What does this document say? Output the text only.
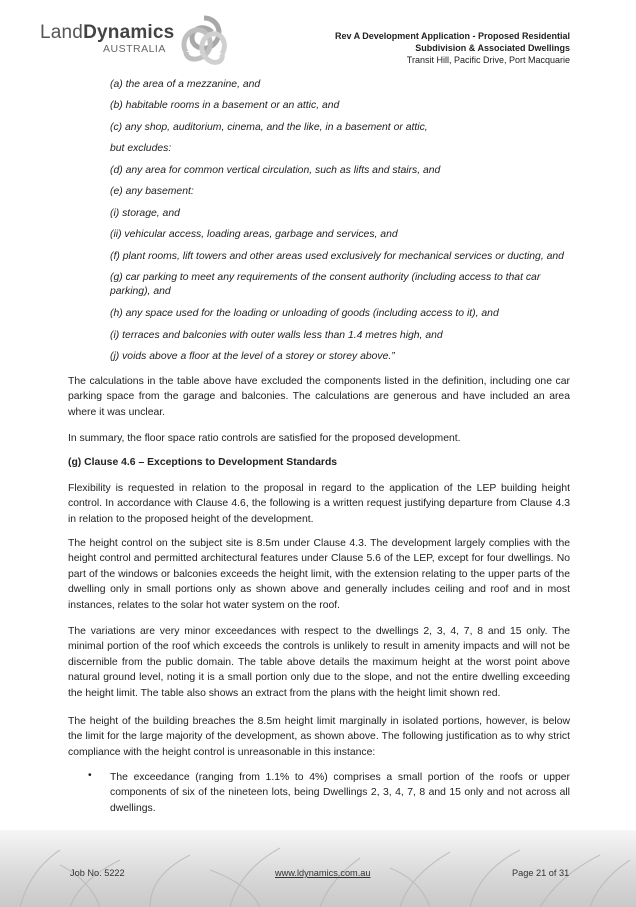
LandDynamics
AUSTRALIA
Rev A Development Application - Proposed Residential
Subdivision & Associated Dwellings
Transit Hill, Pacific Drive, Port Macquarie
(a) the area of a mezzanine, and
(b) habitable rooms in a basement or an attic, and
(c) any shop, auditorium, cinema, and the like, in a basement or attic,
but excludes:
(d) any area for common vertical circulation, such as lifts and stairs, and
(e) any basement:
(i) storage, and
(ii) vehicular access, loading areas, garbage and services, and
(f) plant rooms, lift towers and other areas used exclusively for mechanical services or ducting, and
(g) car parking to meet any requirements of the consent authority (including access to that car parking), and
(h) any space used for the loading or unloading of goods (including access to it), and
(i) terraces and balconies with outer walls less than 1.4 metres high, and
(j) voids above a floor at the level of a storey or storey above.”
The calculations in the table above have excluded the components listed in the definition, including one car parking space from the garage and balconies. The calculations are generous and have included an area where it was unclear.
In summary, the floor space ratio controls are satisfied for the proposed development.
(g) Clause 4.6 – Exceptions to Development Standards
Flexibility is requested in relation to the proposal in regard to the application of the LEP building height control. In accordance with Clause 4.6, the following is a written request justifying departure from Clause 4.3 in relation to the proposed height of the development.
The height control on the subject site is 8.5m under Clause 4.3. The development largely complies with the height control and permitted architectural features under Clause 5.6 of the LEP, except for four dwellings. No part of the windows or balconies exceeds the height limit, with the extension relating to the upper parts of the dwelling only in small portions only as shown above and generally includes ceiling and roof and in most instances, relates to the solar hot water system on the roof.
The variations are very minor exceedances with respect to the dwellings 2, 3, 4, 7, 8 and 15 only. The minimal portion of the roof which exceeds the controls is unlikely to result in amenity impacts and will not be discernible from the public domain. The table above details the maximum height at the worst point above natural ground level, noting it is a small portion only due to the slope, and not the entire dwelling exceeding the height limit. The table also shows an extract from the plans with the height limit shown red.
The height of the building breaches the 8.5m height limit marginally in isolated portions, however, is below the limit for the large majority of the development, as shown above. The following justification as to why strict compliance with the height control is unreasonable in this instance:
• The exceedance (ranging from 1.1% to 4%) comprises a small portion of the roofs or upper components of six of the nineteen lots, being Dwellings 2, 3, 4, 7, 8 and 15 only and not across all dwellings.
Job No. 5222	www.ldynamics.com.au	Page 21 of 31
